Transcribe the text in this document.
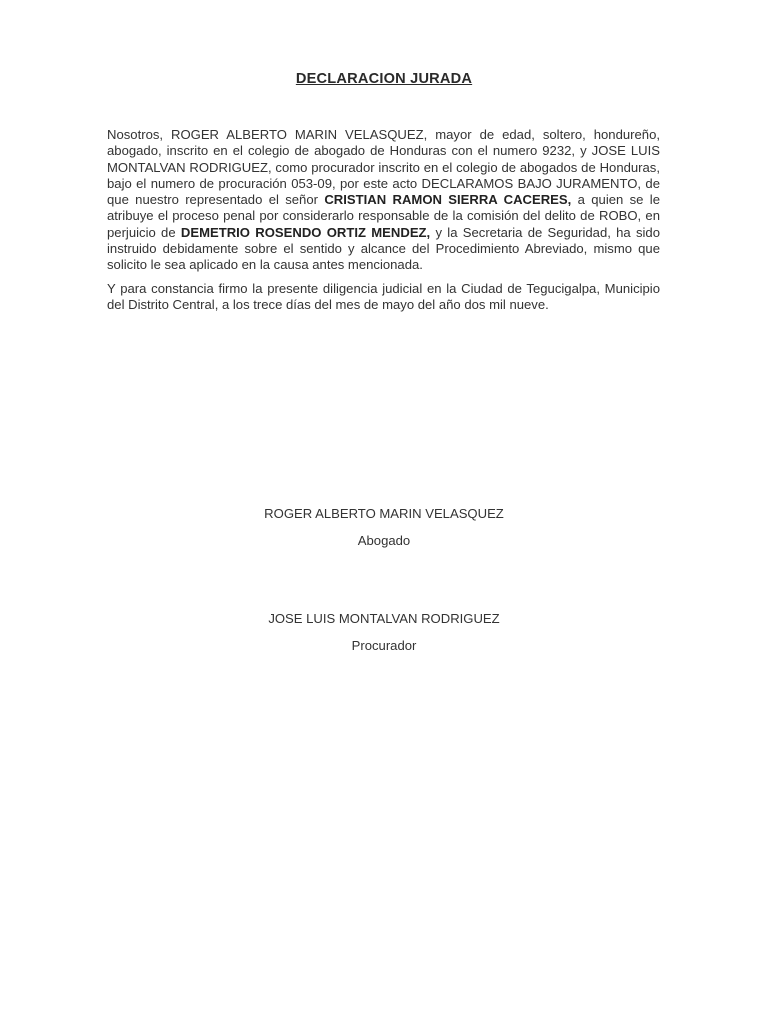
DECLARACION JURADA

Nosotros, ROGER ALBERTO MARIN VELASQUEZ, mayor de edad, soltero, hondureño, abogado, inscrito en el colegio de abogado de Honduras con el numero 9232, y JOSE LUIS MONTALVAN RODRIGUEZ, como procurador inscrito en el colegio de abogados de Honduras, bajo el numero de procuración 053-09, por este acto DECLARAMOS BAJO JURAMENTO, de que nuestro representado el señor CRISTIAN RAMON SIERRA CACERES, a quien se le atribuye el proceso penal por considerarlo responsable de la comisión del delito de ROBO, en perjuicio de DEMETRIO ROSENDO ORTIZ MENDEZ, y la Secretaria de Seguridad, ha sido instruido debidamente sobre el sentido y alcance del Procedimiento Abreviado, mismo que solicito le sea aplicado en la causa antes mencionada.

Y para constancia firmo la presente diligencia judicial en la Ciudad de Tegucigalpa, Municipio del Distrito Central, a los trece días del mes de mayo del año dos mil nueve.

ROGER ALBERTO MARIN VELASQUEZ
Abogado
JOSE LUIS MONTALVAN RODRIGUEZ
Procurador
